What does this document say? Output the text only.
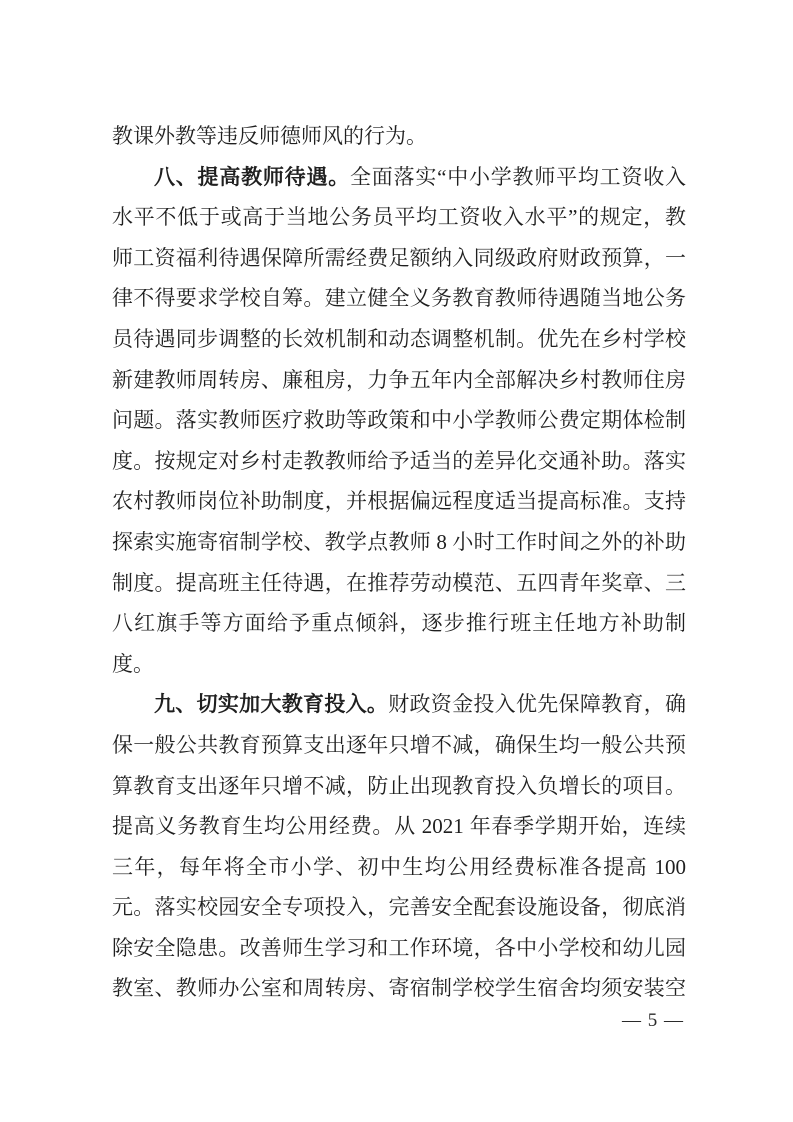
教课外教等违反师德师风的行为。
八、提高教师待遇。全面落实“中小学教师平均工资收入
水平不低于或高于当地公务员平均工资收入水平”的规定，教
师工资福利待遇保障所需经费足额纳入同级政府财政预算，一
律不得要求学校自筹。建立健全义务教育教师待遇随当地公务
员待遇同步调整的长效机制和动态调整机制。优先在乡村学校
新建教师周转房、廉租房，力争五年内全部解决乡村教师住房
问题。落实教师医疗救助等政策和中小学教师公费定期体检制
度。按规定对乡村走教教师给予适当的差异化交通补助。落实
农村教师岗位补助制度，并根据偏远程度适当提高标准。支持
探索实施寄宿制学校、教学点教师 8 小时工作时间之外的补助
制度。提高班主任待遇，在推荐劳动模范、五四青年奖章、三
八红旗手等方面给予重点倾斜，逐步推行班主任地方补助制
度。
九、切实加大教育投入。财政资金投入优先保障教育，确
保一般公共教育预算支出逐年只增不减，确保生均一般公共预
算教育支出逐年只增不减，防止出现教育投入负增长的项目。
提高义务教育生均公用经费。从 2021 年春季学期开始，连续
三年，每年将全市小学、初中生均公用经费标准各提高 100
元。落实校园安全专项投入，完善安全配套设施设备，彻底消
除安全隐患。改善师生学习和工作环境，各中小学校和幼儿园
教室、教师办公室和周转房、寄宿制学校学生宿舍均须安装空
— 5 —
